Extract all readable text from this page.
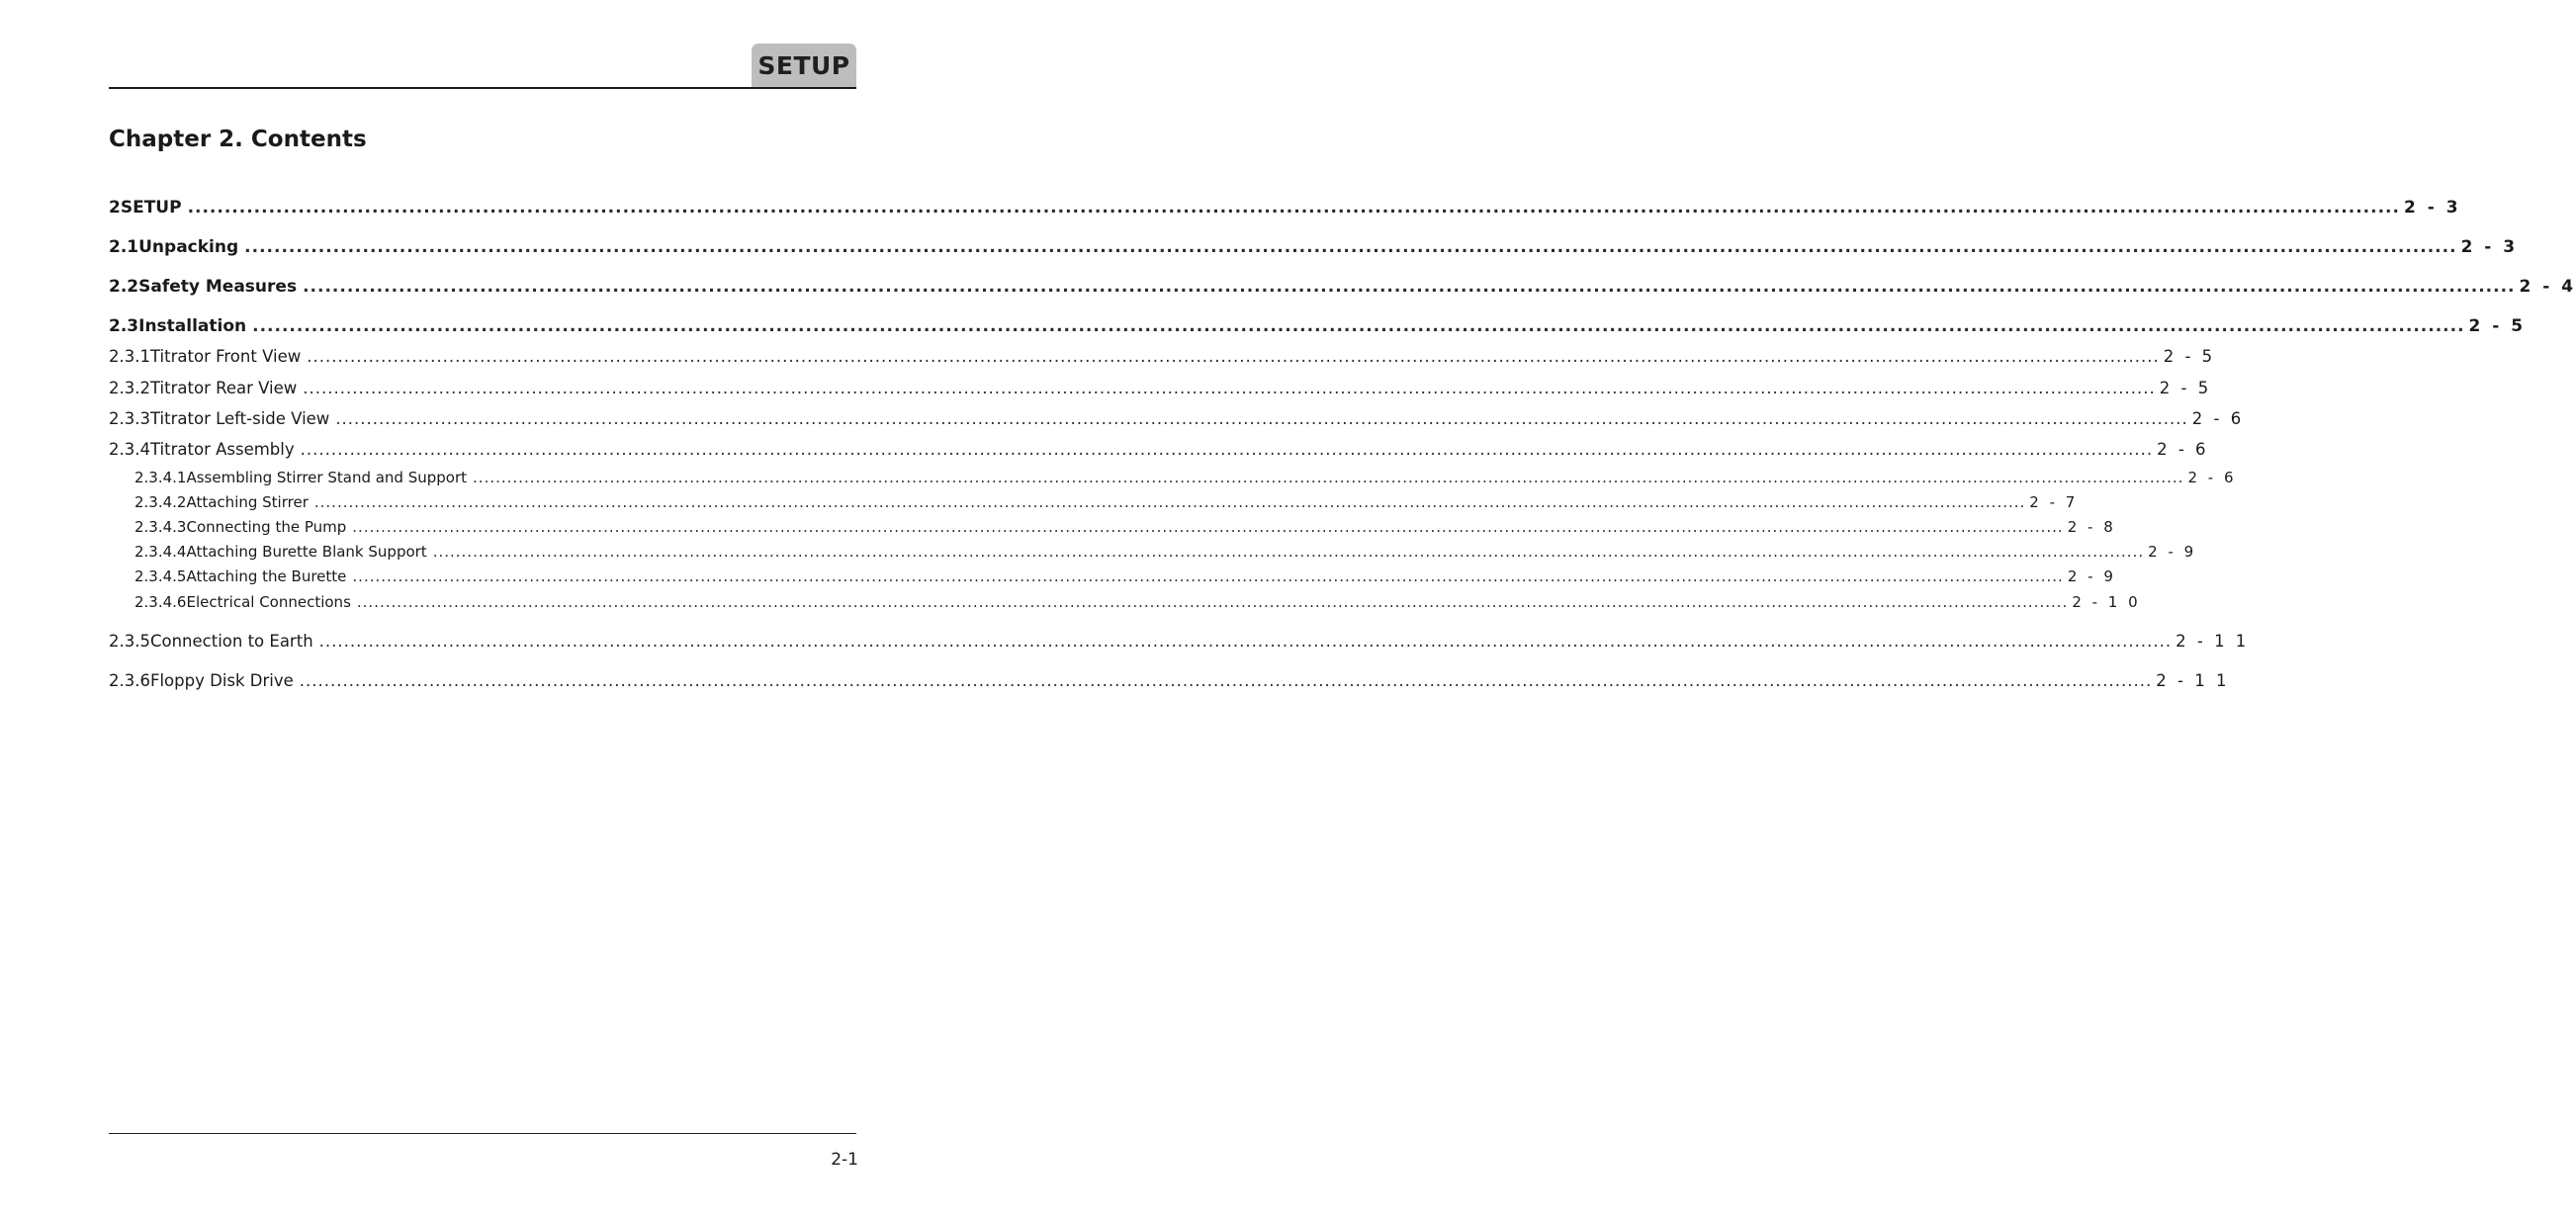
SETUP
Chapter 2. Contents
2 SETUP ............................................................................................................................................................................................................................................................................................................ 2 - 3
2.1 Unpacking ............................................................................................................................................................................................................................................................................................................ 2 - 3
2.2 Safety Measures ............................................................................................................................................................................................................................................................................................................ 2 - 4
2.3 Installation ............................................................................................................................................................................................................................................................................................................ 2 - 5
2.3.1 Titrator Front View ............................................................................................................................................................................................................................................................................................................ 2 - 5
2.3.2 Titrator Rear View ............................................................................................................................................................................................................................................................................................................ 2 - 5
2.3.3 Titrator Left-side View ............................................................................................................................................................................................................................................................................................................ 2 - 6
2.3.4 Titrator Assembly ............................................................................................................................................................................................................................................................................................................ 2 - 6
2.3.4.1 Assembling Stirrer Stand and Support ............................................................................................................................................................................................................................................................................................................ 2 - 6
2.3.4.2 Attaching Stirrer ............................................................................................................................................................................................................................................................................................................ 2 - 7
2.3.4.3 Connecting the Pump ............................................................................................................................................................................................................................................................................................................ 2 - 8
2.3.4.4 Attaching Burette Blank Support ............................................................................................................................................................................................................................................................................................................ 2 - 9
2.3.4.5 Attaching the Burette ............................................................................................................................................................................................................................................................................................................ 2 - 9
2.3.4.6 Electrical Connections ............................................................................................................................................................................................................................................................................................................ 2 - 1 0
2.3.5 Connection to Earth ............................................................................................................................................................................................................................................................................................................ 2 - 1 1
2.3.6 Floppy Disk Drive ............................................................................................................................................................................................................................................................................................................ 2 - 1 1
2-1
